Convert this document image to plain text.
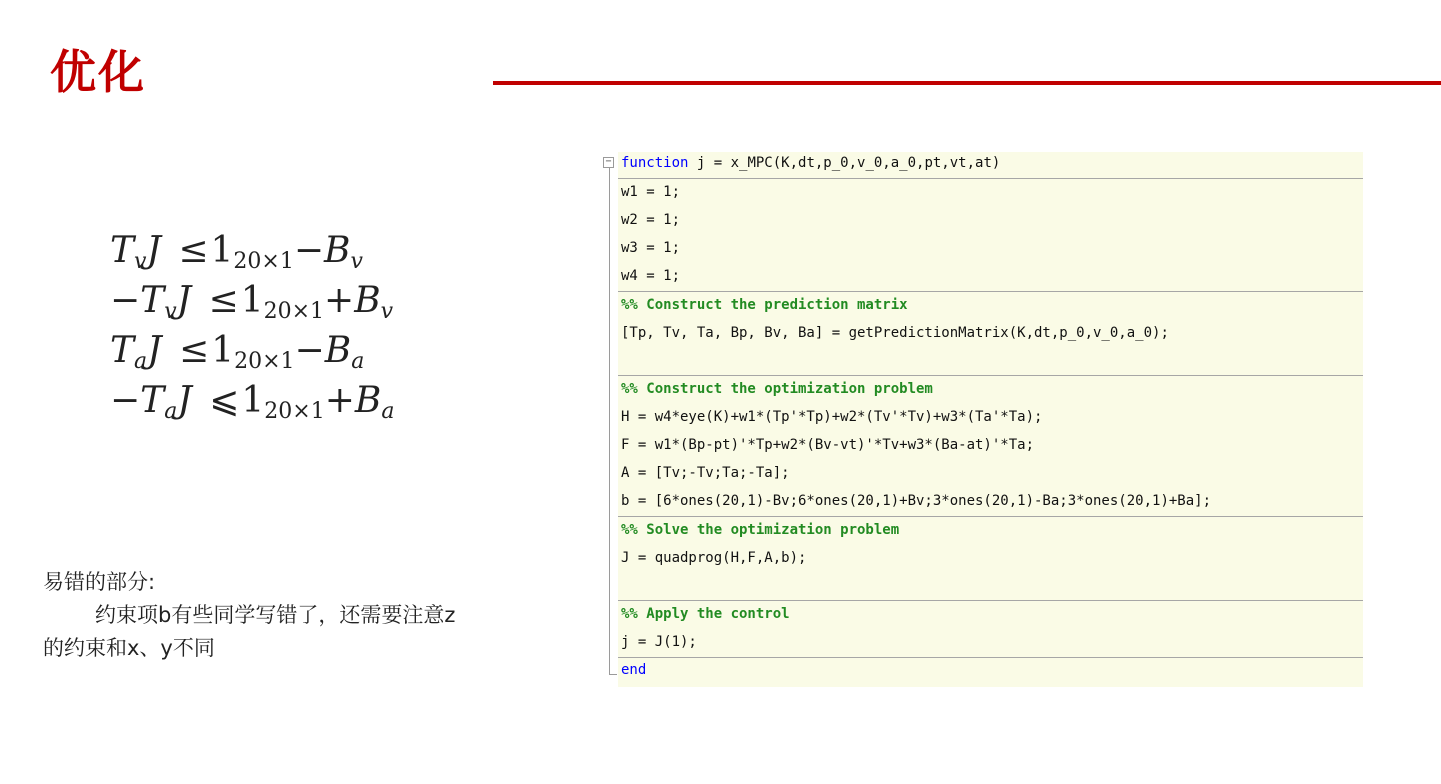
优化
$T_vJ \le 1_{20\times 1}-B_v$
$-T_vJ \le 1_{20\times 1}+B_v$
$T_aJ \le 1_{20\times 1}-B_a$
$-T_aJ$ $⩽1_{20\times 1}+B_a$
易错的部分:
约束项b有些同学写错了，还需要注意z
的约束和x、y不同
− function j = x_MPC(K,dt,p_0,v_0,a_0,pt,vt,at)
w1 = 1;
w2 = 1;
w3 = 1;
w4 = 1;
%% Construct the prediction matrix
[Tp, Tv, Ta, Bp, Bv, Ba] = getPredictionMatrix(K,dt,p_0,v_0,a_0);
%% Construct the optimization problem
H = w4*eye(K)+w1*(Tp'*Tp)+w2*(Tv'*Tv)+w3*(Ta'*Ta);
F = w1*(Bp-pt)'*Tp+w2*(Bv-vt)'*Tv+w3*(Ba-at)'*Ta;
A = [Tv;-Tv;Ta;-Ta];
b = [6*ones(20,1)-Bv;6*ones(20,1)+Bv;3*ones(20,1)-Ba;3*ones(20,1)+Ba];
%% Solve the optimization problem
J = quadprog(H,F,A,b);
%% Apply the control
j = J(1);
end
